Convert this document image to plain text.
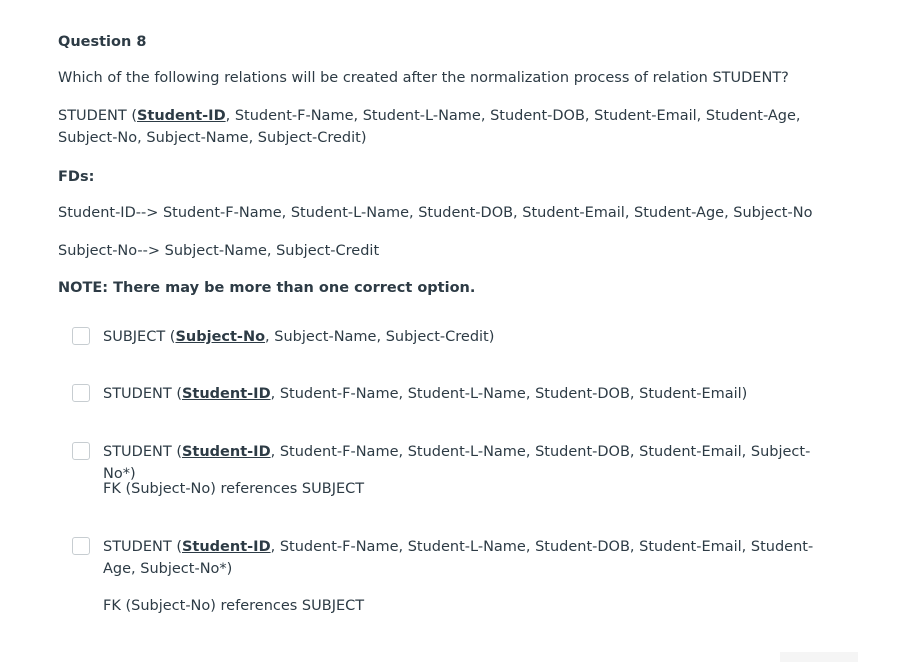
Question 8
Which of the following relations will be created after the normalization process of relation STUDENT?
STUDENT (Student-ID, Student-F-Name, Student-L-Name, Student-DOB, Student-Email, Student-Age, Subject-No, Subject-Name, Subject-Credit)
FDs:
Student-ID--> Student-F-Name, Student-L-Name, Student-DOB, Student-Email, Student-Age, Subject-No
Subject-No--> Subject-Name, Subject-Credit
NOTE: There may be more than one correct option.
SUBJECT (Subject-No, Subject-Name, Subject-Credit)
STUDENT (Student-ID, Student-F-Name, Student-L-Name, Student-DOB, Student-Email)
STUDENT (Student-ID, Student-F-Name, Student-L-Name, Student-DOB, Student-Email, Subject-No*)
FK (Subject-No) references SUBJECT
STUDENT (Student-ID, Student-F-Name, Student-L-Name, Student-DOB, Student-Email, Student-Age, Subject-No*)
FK (Subject-No) references SUBJECT
